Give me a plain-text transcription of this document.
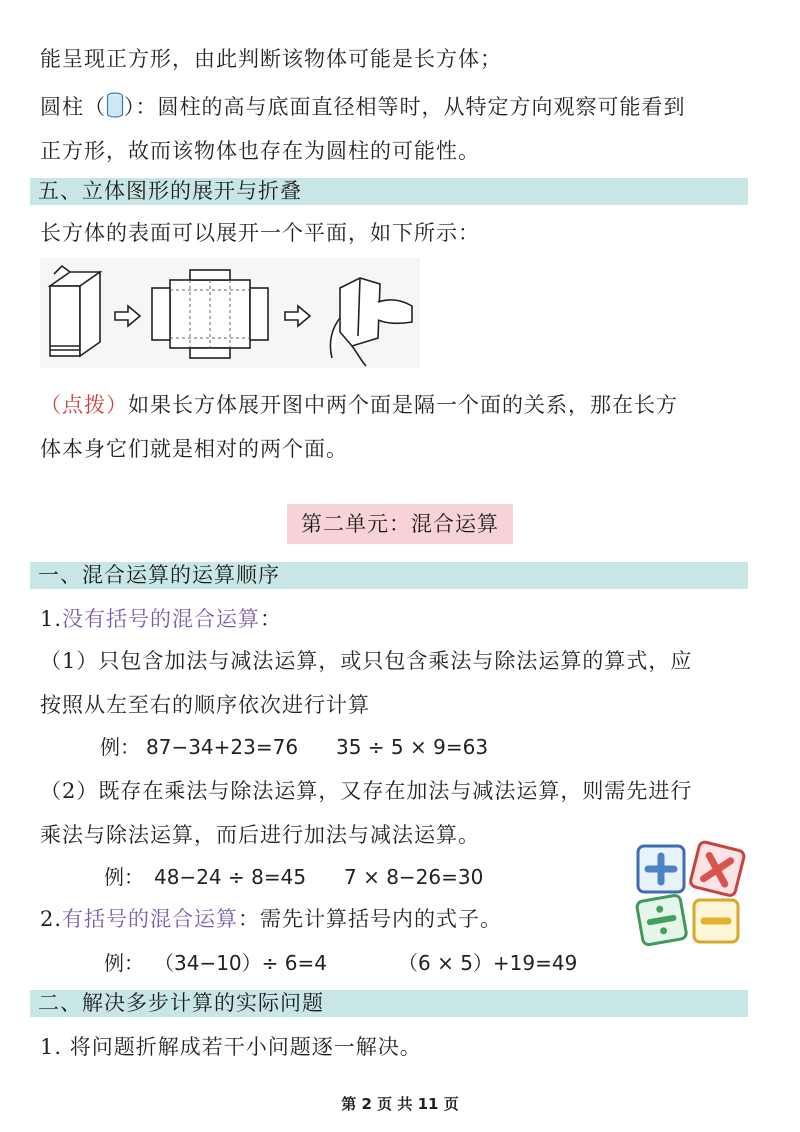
能呈现正方形，由此判断该物体可能是长方体；
圆柱（ ）：圆柱的高与底面直径相等时，从特定方向观察可能看到
正方形，故而该物体也存在为圆柱的可能性。
五、立体图形的展开与折叠
长方体的表面可以展开一个平面，如下所示：
（点拨）如果长方体展开图中两个面是隔一个面的关系，那在长方
体本身它们就是相对的两个面。
第二单元：混合运算
一、混合运算的运算顺序
1.没有括号的混合运算：
（1）只包含加法与减法运算，或只包含乘法与除法运算的算式，应
按照从左至右的顺序依次进行计算
例： 87−34+23=76 35 ÷ 5 × 9=63
（2）既存在乘法与除法运算，又存在加法与减法运算，则需先进行
乘法与除法运算，而后进行加法与减法运算。
例： 48−24 ÷ 8=45 7 × 8−26=30
2.有括号的混合运算：需先计算括号内的式子。
例： （34−10）÷ 6=4	（6 × 5）+19=49
二、解决多步计算的实际问题
1. 将问题折解成若干小问题逐一解决。
第 2 页 共 11 页
